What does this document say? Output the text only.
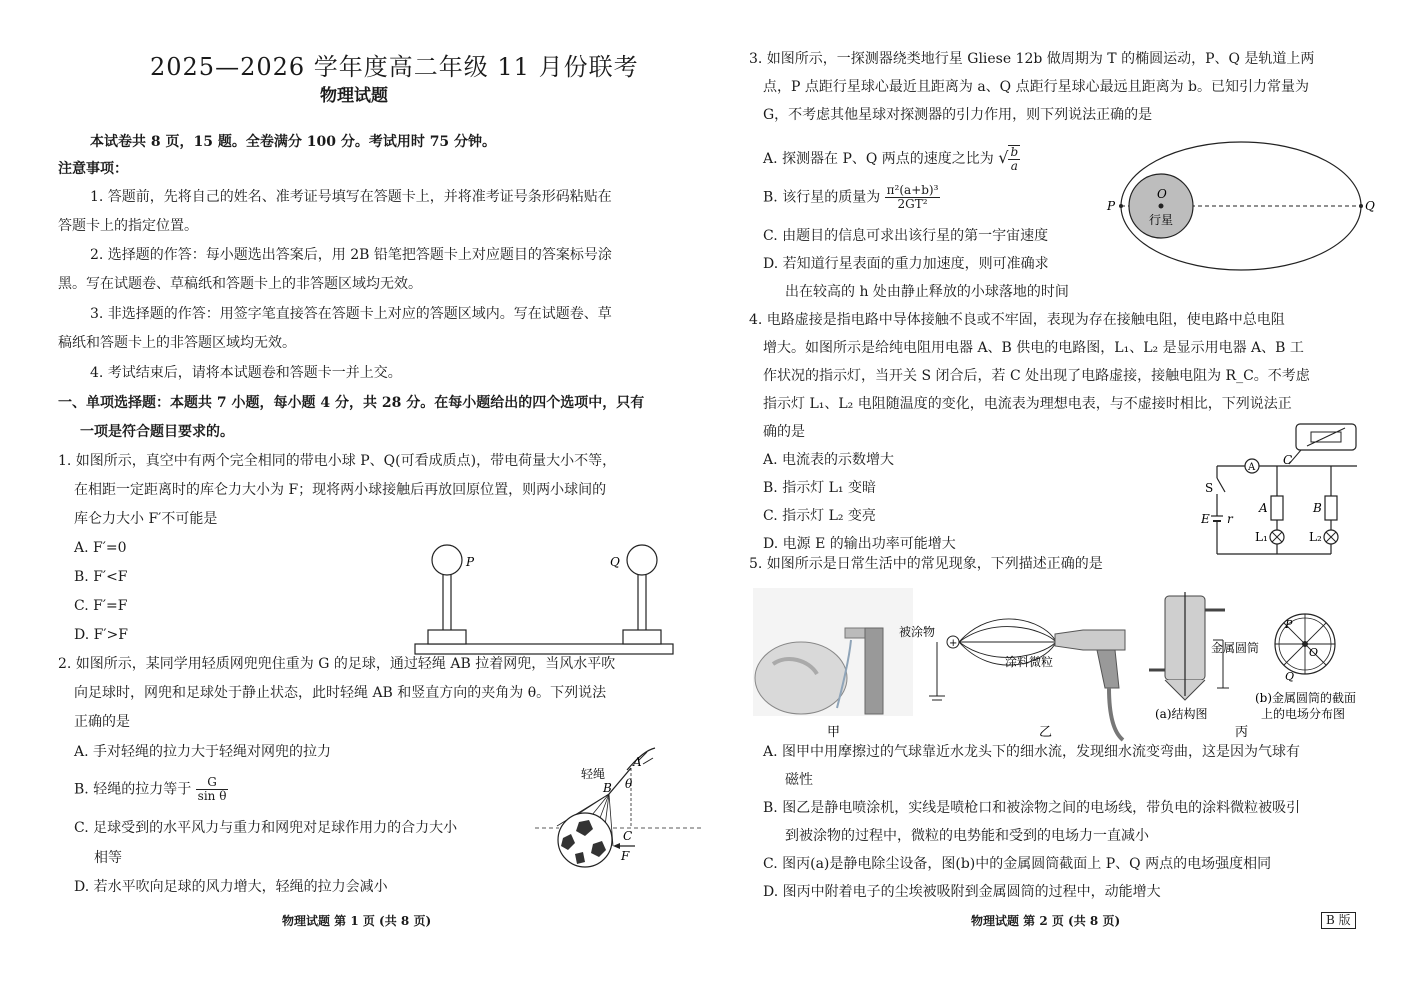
2025—2026 学年度高二年级 11 月份联考
物理试题
本试卷共 8 页，15 题。全卷满分 100 分。考试用时 75 分钟。
注意事项：
1. 答题前，先将自己的姓名、准考证号填写在答题卡上，并将准考证号条形码粘贴在
答题卡上的指定位置。
2. 选择题的作答：每小题选出答案后，用 2B 铅笔把答题卡上对应题目的答案标号涂
黑。写在试题卷、草稿纸和答题卡上的非答题区域均无效。
3. 非选择题的作答：用签字笔直接答在答题卡上对应的答题区域内。写在试题卷、草
稿纸和答题卡上的非答题区域均无效。
4. 考试结束后，请将本试题卷和答题卡一并上交。
一、单项选择题：本题共 7 小题，每小题 4 分，共 28 分。在每小题给出的四个选项中，只有
一项是符合题目要求的。
1. 如图所示，真空中有两个完全相同的带电小球 P、Q(可看成质点)，带电荷量大小不等，
在相距一定距离时的库仑力大小为 F；现将两小球接触后再放回原位置，则两小球间的
库仑力大小 F′不可能是
A. F′=0
B. F′<F
C. F′=F
D. F′>F
P	Q
2. 如图所示，某同学用轻质网兜兜住重为 G 的足球，通过轻绳 AB 拉着网兜，当风水平吹
向足球时，网兜和足球处于静止状态，此时轻绳 AB 和竖直方向的夹角为 θ。下列说法
正确的是
A. 手对轻绳的拉力大于轻绳对网兜的拉力
B. 轻绳的拉力等于 $\frac{G}{\text{sin θ}}$
C. 足球受到的水平风力与重力和网兜对足球作用力的合力大小
相等
D. 若水平吹向足球的风力增大，轻绳的拉力会减小
A
θ
轻绳
B
C
F
物理试题 第 1 页 (共 8 页)
3. 如图所示，一探测器绕类地行星 Gliese 12b 做周期为 T 的椭圆运动，P、Q 是轨道上两
点，P 点距行星球心最近且距离为 a、Q 点距行星球心最远且距离为 b。已知引力常量为
G，不考虑其他星球对探测器的引力作用，则下列说法正确的是
A. 探测器在 P、Q 两点的速度之比为 √ $\frac{b}{a}$
B. 该行星的质量为 $\frac{\text{π²(a+b)³}}{\text{2GT²}}$
C. 由题目的信息可求出该行星的第一宇宙速度
D. 若知道行星表面的重力加速度，则可准确求
出在较高的 h 处由静止释放的小球落地的时间
O
行星
P	Q
4. 电路虚接是指电路中导体接触不良或不牢固，表现为存在接触电阻，使电路中总电阻
增大。如图所示是给纯电阻用电器 A、B 供电的电路图，L₁、L₂ 是显示用电器 A、B 工
作状况的指示灯，当开关 S 闭合后，若 C 处出现了电路虚接，接触电阻为 R_C。不考虑
指示灯 L₁、L₂ 电阻随温度的变化，电流表为理想电表，与不虚接时相比，下列说法正
确的是
A. 电流表的示数增大
B. 指示灯 L₁ 变暗
C. 指示灯 L₂ 变亮
D. 电源 E 的输出功率可能增大
A
C
S
E r
A
L₁
B
L₂
5. 如图所示是日常生活中的常见现象，下列描述正确的是
+
被涂物
涂料微粒
金属圆筒
(a)结构图
O
P
Q
(b)金属圆筒的截面
上的电场分布图
甲	乙	丙
A. 图甲中用摩擦过的气球靠近水龙头下的细水流，发现细水流变弯曲，这是因为气球有
磁性
B. 图乙是静电喷涂机，实线是喷枪口和被涂物之间的电场线，带负电的涂料微粒被吸引
到被涂物的过程中，微粒的电势能和受到的电场力一直减小
C. 图丙(a)是静电除尘设备，图(b)中的金属圆筒截面上 P、Q 两点的电场强度相同
D. 图丙中附着电子的尘埃被吸附到金属圆筒的过程中，动能增大
物理试题 第 2 页 (共 8 页)	B 版
